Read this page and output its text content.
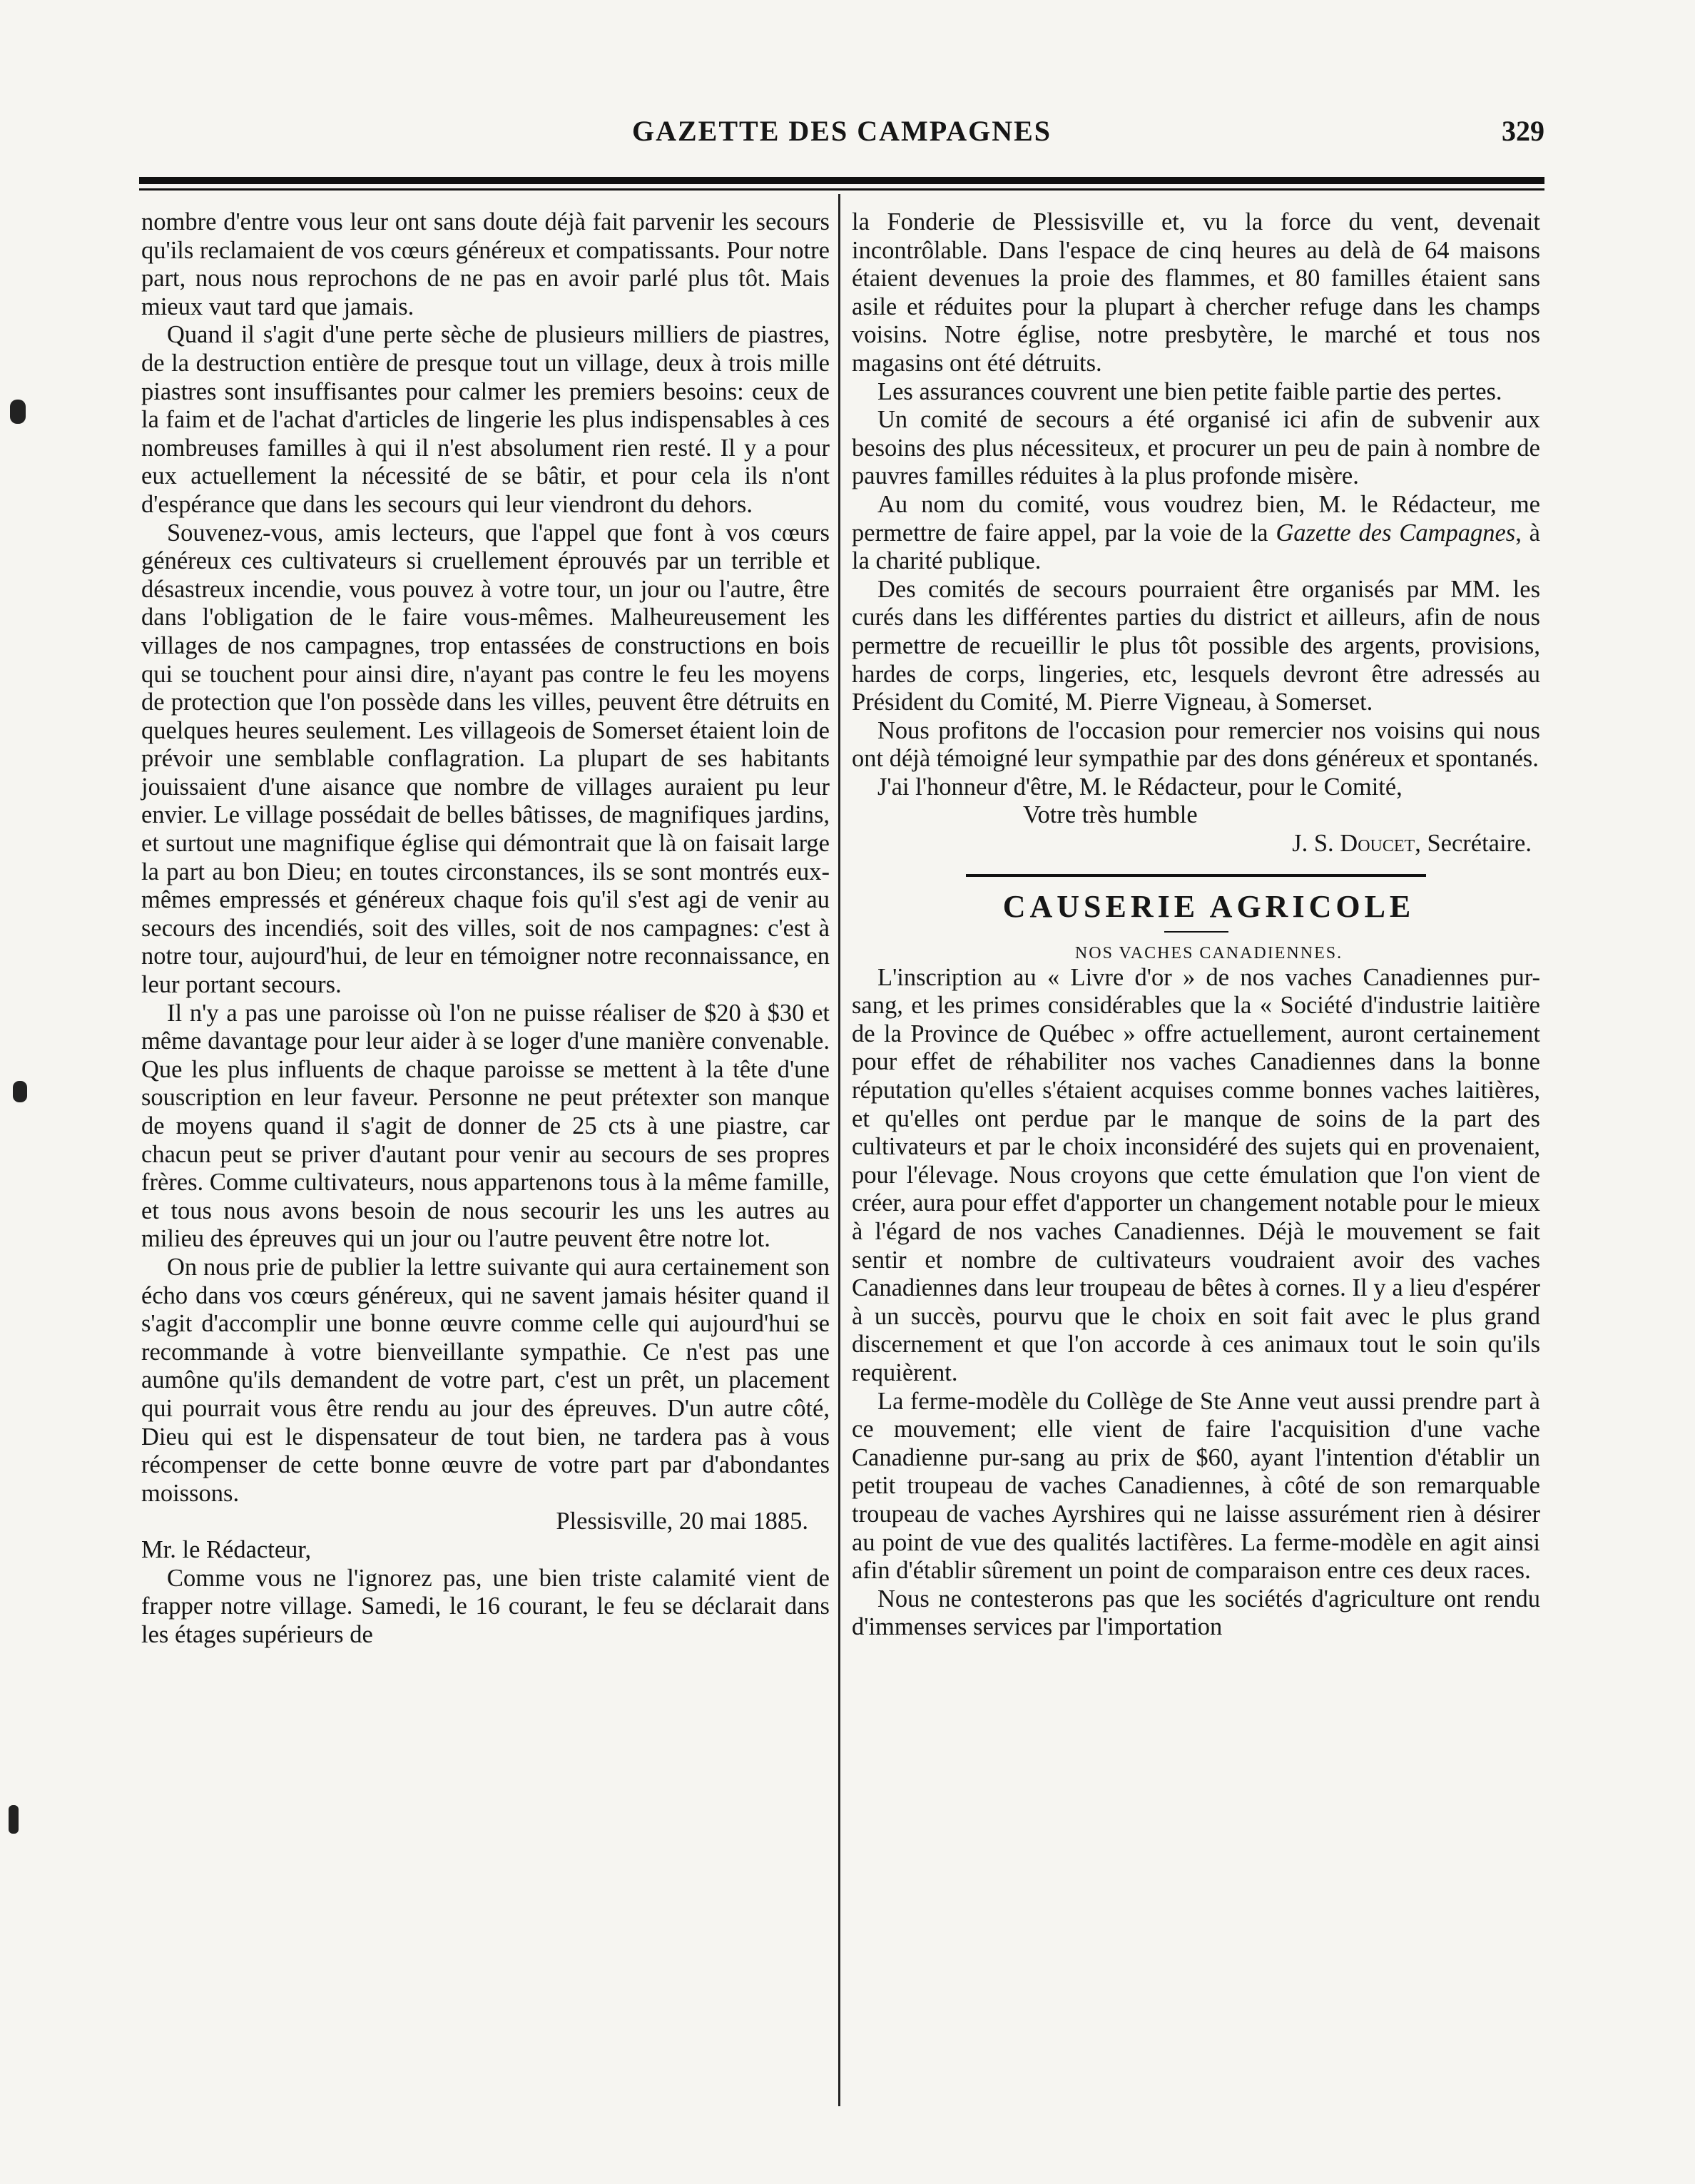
GAZETTE DES CAMPAGNES	329

nombre d'entre vous leur ont sans doute déjà fait parvenir les secours qu'ils reclamaient de vos cœurs généreux et compatissants. Pour notre part, nous nous reprochons de ne pas en avoir parlé plus tôt. Mais mieux vaut tard que jamais.

Quand il s'agit d'une perte sèche de plusieurs milliers de piastres, de la destruction entière de presque tout un village, deux à trois mille piastres sont insuffisantes pour calmer les premiers besoins: ceux de la faim et de l'achat d'articles de lingerie les plus indispensables à ces nombreuses familles à qui il n'est absolument rien resté. Il y a pour eux actuellement la nécessité de se bâtir, et pour cela ils n'ont d'espérance que dans les secours qui leur viendront du dehors.

Souvenez-vous, amis lecteurs, que l'appel que font à vos cœurs généreux ces cultivateurs si cruellement éprouvés par un terrible et désastreux incendie, vous pouvez à votre tour, un jour ou l'autre, être dans l'obligation de le faire vous-mêmes. Malheureusement les villages de nos campagnes, trop entassées de constructions en bois qui se touchent pour ainsi dire, n'ayant pas contre le feu les moyens de protection que l'on possède dans les villes, peuvent être détruits en quelques heures seulement. Les villageois de Somerset étaient loin de prévoir une semblable conflagration. La plupart de ses habitants jouissaient d'une aisance que nombre de villages auraient pu leur envier. Le village possédait de belles bâtisses, de magnifiques jardins, et surtout une magnifique église qui démontrait que là on faisait large la part au bon Dieu; en toutes circonstances, ils se sont montrés eux-mêmes empressés et généreux chaque fois qu'il s'est agi de venir au secours des incendiés, soit des villes, soit de nos campagnes: c'est à notre tour, aujourd'hui, de leur en témoigner notre reconnaissance, en leur portant secours.

Il n'y a pas une paroisse où l'on ne puisse réaliser de $20 à $30 et même davantage pour leur aider à se loger d'une manière convenable. Que les plus influents de chaque paroisse se mettent à la tête d'une souscription en leur faveur. Personne ne peut prétexter son manque de moyens quand il s'agit de donner de 25 cts à une piastre, car chacun peut se priver d'autant pour venir au secours de ses propres frères. Comme cultivateurs, nous appartenons tous à la même famille, et tous nous avons besoin de nous secourir les uns les autres au milieu des épreuves qui un jour ou l'autre peuvent être notre lot.

On nous prie de publier la lettre suivante qui aura certainement son écho dans vos cœurs généreux, qui ne savent jamais hésiter quand il s'agit d'accomplir une bonne œuvre comme celle qui aujourd'hui se recommande à votre bienveillante sympathie. Ce n'est pas une aumône qu'ils demandent de votre part, c'est un prêt, un placement qui pourrait vous être rendu au jour des épreuves. D'un autre côté, Dieu qui est le dispensateur de tout bien, ne tardera pas à vous récompenser de cette bonne œuvre de votre part par d'abondantes moissons.

Plessisville, 20 mai 1885.

Mr. le Rédacteur,

Comme vous ne l'ignorez pas, une bien triste calamité vient de frapper notre village. Samedi, le 16 courant, le feu se déclarait dans les étages supérieurs de

la Fonderie de Plessisville et, vu la force du vent, devenait incontrôlable. Dans l'espace de cinq heures au delà de 64 maisons étaient devenues la proie des flammes, et 80 familles étaient sans asile et réduites pour la plupart à chercher refuge dans les champs voisins. Notre église, notre presbytère, le marché et tous nos magasins ont été détruits.

Les assurances couvrent une bien petite faible partie des pertes.

Un comité de secours a été organisé ici afin de subvenir aux besoins des plus nécessiteux, et procurer un peu de pain à nombre de pauvres familles réduites à la plus profonde misère.

Au nom du comité, vous voudrez bien, M. le Rédacteur, me permettre de faire appel, par la voie de la Gazette des Campagnes, à la charité publique.

Des comités de secours pourraient être organisés par MM. les curés dans les différentes parties du district et ailleurs, afin de nous permettre de recueillir le plus tôt possible des argents, provisions, hardes de corps, lingeries, etc, lesquels devront être adressés au Président du Comité, M. Pierre Vigneau, à Somerset.

Nous profitons de l'occasion pour remercier nos voisins qui nous ont déjà témoigné leur sympathie par des dons généreux et spontanés.

J'ai l'honneur d'être, M. le Rédacteur, pour le Comité,

Votre très humble

J. S. Doucet, Secrétaire.

CAUSERIE AGRICOLE

NOS VACHES CANADIENNES.

L'inscription au « Livre d'or » de nos vaches Canadiennes pur-sang, et les primes considérables que la « Société d'industrie laitière de la Province de Québec » offre actuellement, auront certainement pour effet de réhabiliter nos vaches Canadiennes dans la bonne réputation qu'elles s'étaient acquises comme bonnes vaches laitières, et qu'elles ont perdue par le manque de soins de la part des cultivateurs et par le choix inconsidéré des sujets qui en provenaient, pour l'élevage. Nous croyons que cette émulation que l'on vient de créer, aura pour effet d'apporter un changement notable pour le mieux à l'égard de nos vaches Canadiennes. Déjà le mouvement se fait sentir et nombre de cultivateurs voudraient avoir des vaches Canadiennes dans leur troupeau de bêtes à cornes. Il y a lieu d'espérer à un succès, pourvu que le choix en soit fait avec le plus grand discernement et que l'on accorde à ces animaux tout le soin qu'ils requièrent.

La ferme-modèle du Collège de Ste Anne veut aussi prendre part à ce mouvement; elle vient de faire l'acquisition d'une vache Canadienne pur-sang au prix de $60, ayant l'intention d'établir un petit troupeau de vaches Canadiennes, à côté de son remarquable troupeau de vaches Ayrshires qui ne laisse assurément rien à désirer au point de vue des qualités lactifères. La ferme-modèle en agit ainsi afin d'établir sûrement un point de comparaison entre ces deux races.

Nous ne contesterons pas que les sociétés d'agriculture ont rendu d'immenses services par l'importation
